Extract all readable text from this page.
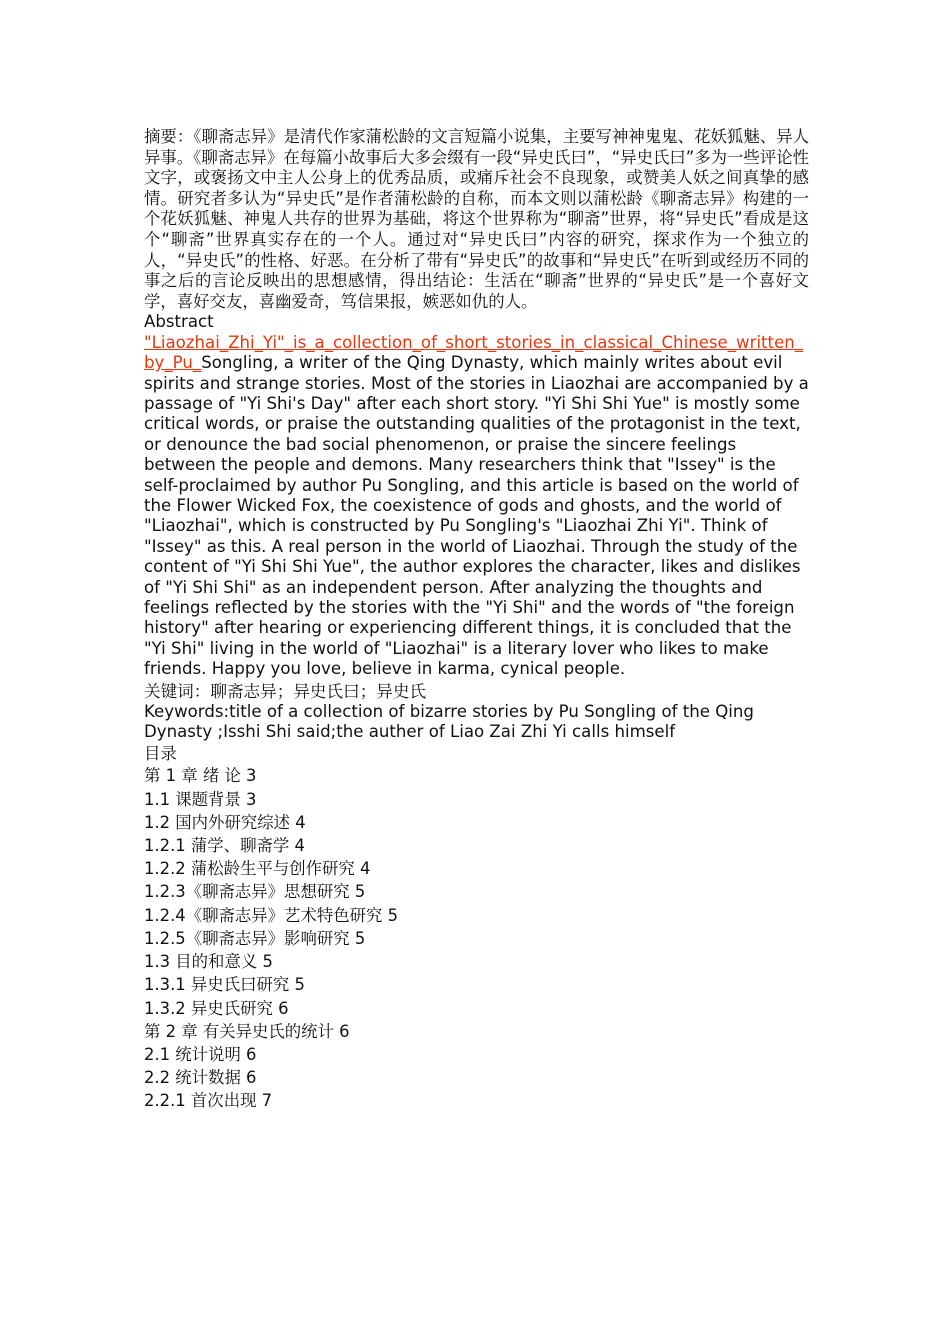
摘要：《聊斋志异》是清代作家蒲松龄的文言短篇小说集，主要写神神鬼鬼、花妖狐魅、异人异事。《聊斋志异》在每篇小故事后大多会缀有一段“异史氏曰”，“异史氏曰”多为一些评论性文字，或褒扬文中主人公身上的优秀品质，或痛斥社会不良现象，或赞美人妖之间真挚的感情。研究者多认为“异史氏”是作者蒲松龄的自称，而本文则以蒲松龄《聊斋志异》构建的一个花妖狐魅、神鬼人共存的世界为基础，将这个世界称为“聊斋”世界，将“异史氏”看成是这个“聊斋”世界真实存在的一个人。通过对“异史氏曰”内容的研究，探求作为一个独立的人，“异史氏”的性格、好恶。在分析了带有“异史氏”的故事和“异史氏”在听到或经历不同的事之后的言论反映出的思想感情，得出结论：生活在“聊斋”世界的“异史氏”是一个喜好文学，喜好交友，喜幽爱奇，笃信果报，嫉恶如仇的人。

Abstract

"Liaozhai_Zhi_Yi"_is_a_collection_of_short_stories_in_classical_Chinese_written_by_Pu_Songling, a writer of the Qing Dynasty, which mainly writes about evil spirits and strange stories. Most of the stories in Liaozhai are accompanied by a passage of "Yi Shi's Day" after each short story. "Yi Shi Shi Yue" is mostly some critical words, or praise the outstanding qualities of the protagonist in the text, or denounce the bad social phenomenon, or praise the sincere feelings between the people and demons. Many researchers think that "Issey" is the self-proclaimed by author Pu Songling, and this article is based on the world of the Flower Wicked Fox, the coexistence of gods and ghosts, and the world of "Liaozhai", which is constructed by Pu Songling's "Liaozhai Zhi Yi". Think of "Issey" as this. A real person in the world of Liaozhai. Through the study of the content of "Yi Shi Shi Yue", the author explores the character, likes and dislikes of "Yi Shi Shi" as an independent person. After analyzing the thoughts and feelings reflected by the stories with the "Yi Shi" and the words of "the foreign history" after hearing or experiencing different things, it is concluded that the "Yi Shi" living in the world of "Liaozhai" is a literary lover who likes to make friends. Happy you love, believe in karma, cynical people.

关键词：聊斋志异；异史氏曰；异史氏

Keywords:title of a collection of bizarre stories by Pu Songling of the Qing Dynasty ;Isshi Shi said;the auther of Liao Zai Zhi Yi calls himself

目录

第 1 章 绪 论 3
1.1 课题背景 3
1.2 国内外研究综述 4
1.2.1 蒲学、聊斋学 4
1.2.2 蒲松龄生平与创作研究 4
1.2.3《聊斋志异》思想研究 5
1.2.4《聊斋志异》艺术特色研究 5
1.2.5《聊斋志异》影响研究 5
1.3 目的和意义 5
1.3.1 异史氏曰研究 5
1.3.2 异史氏研究 6
第 2 章 有关异史氏的统计 6
2.1 统计说明 6
2.2 统计数据 6
2.2.1 首次出现 7
